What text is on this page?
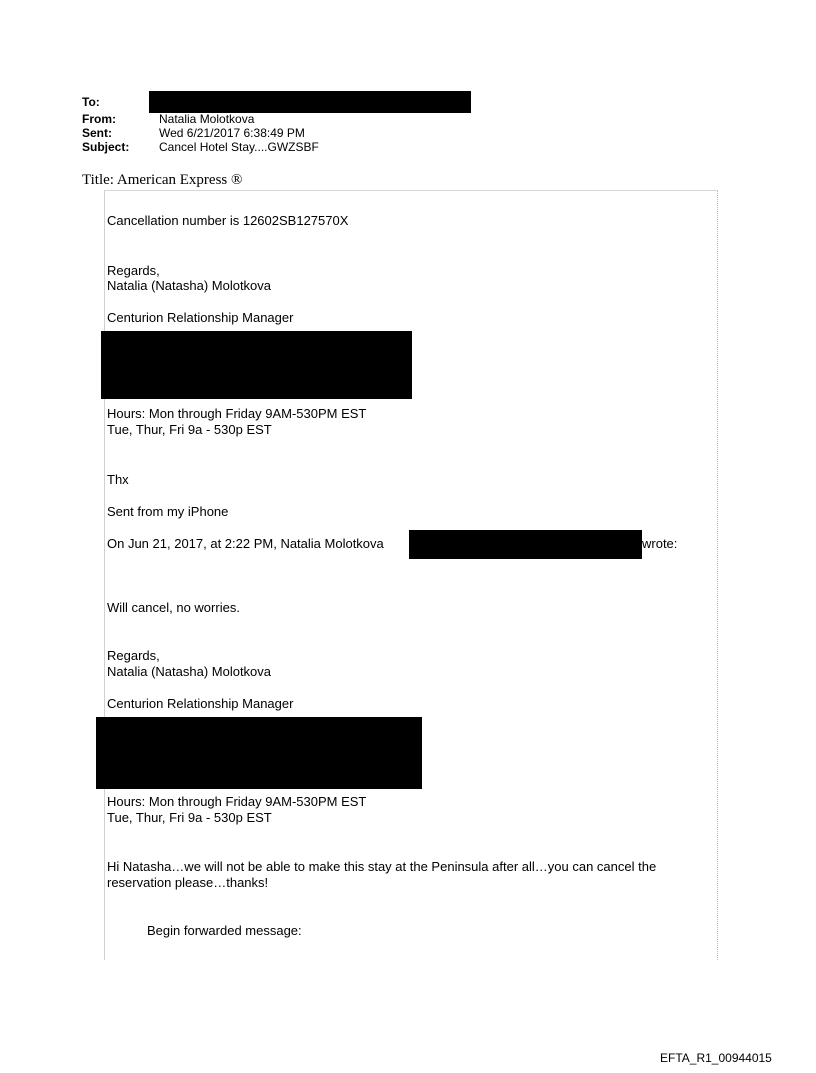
To:
From:	Natalia Molotkova
Sent:	Wed 6/21/2017 6:38:49 PM
Subject: Cancel Hotel Stay....GWZSBF
Title: American Express ®
Cancellation number is 12602SB127570X
Regards,
Natalia (Natasha) Molotkova
Centurion Relationship Manager
Hours: Mon through Friday 9AM-530PM EST
Tue, Thur, Fri 9a - 530p EST
Thx
Sent from my iPhone
On Jun 21, 2017, at 2:22 PM, Natalia Molotkova	wrote:
Will cancel, no worries.
Regards,
Natalia (Natasha) Molotkova
Centurion Relationship Manager
Hours: Mon through Friday 9AM-530PM EST
Tue, Thur, Fri 9a - 530p EST
Hi Natasha…we will not be able to make this stay at the Peninsula after all…you can cancel the
reservation please…thanks!
Begin forwarded message:
EFTA_R1_00944015
